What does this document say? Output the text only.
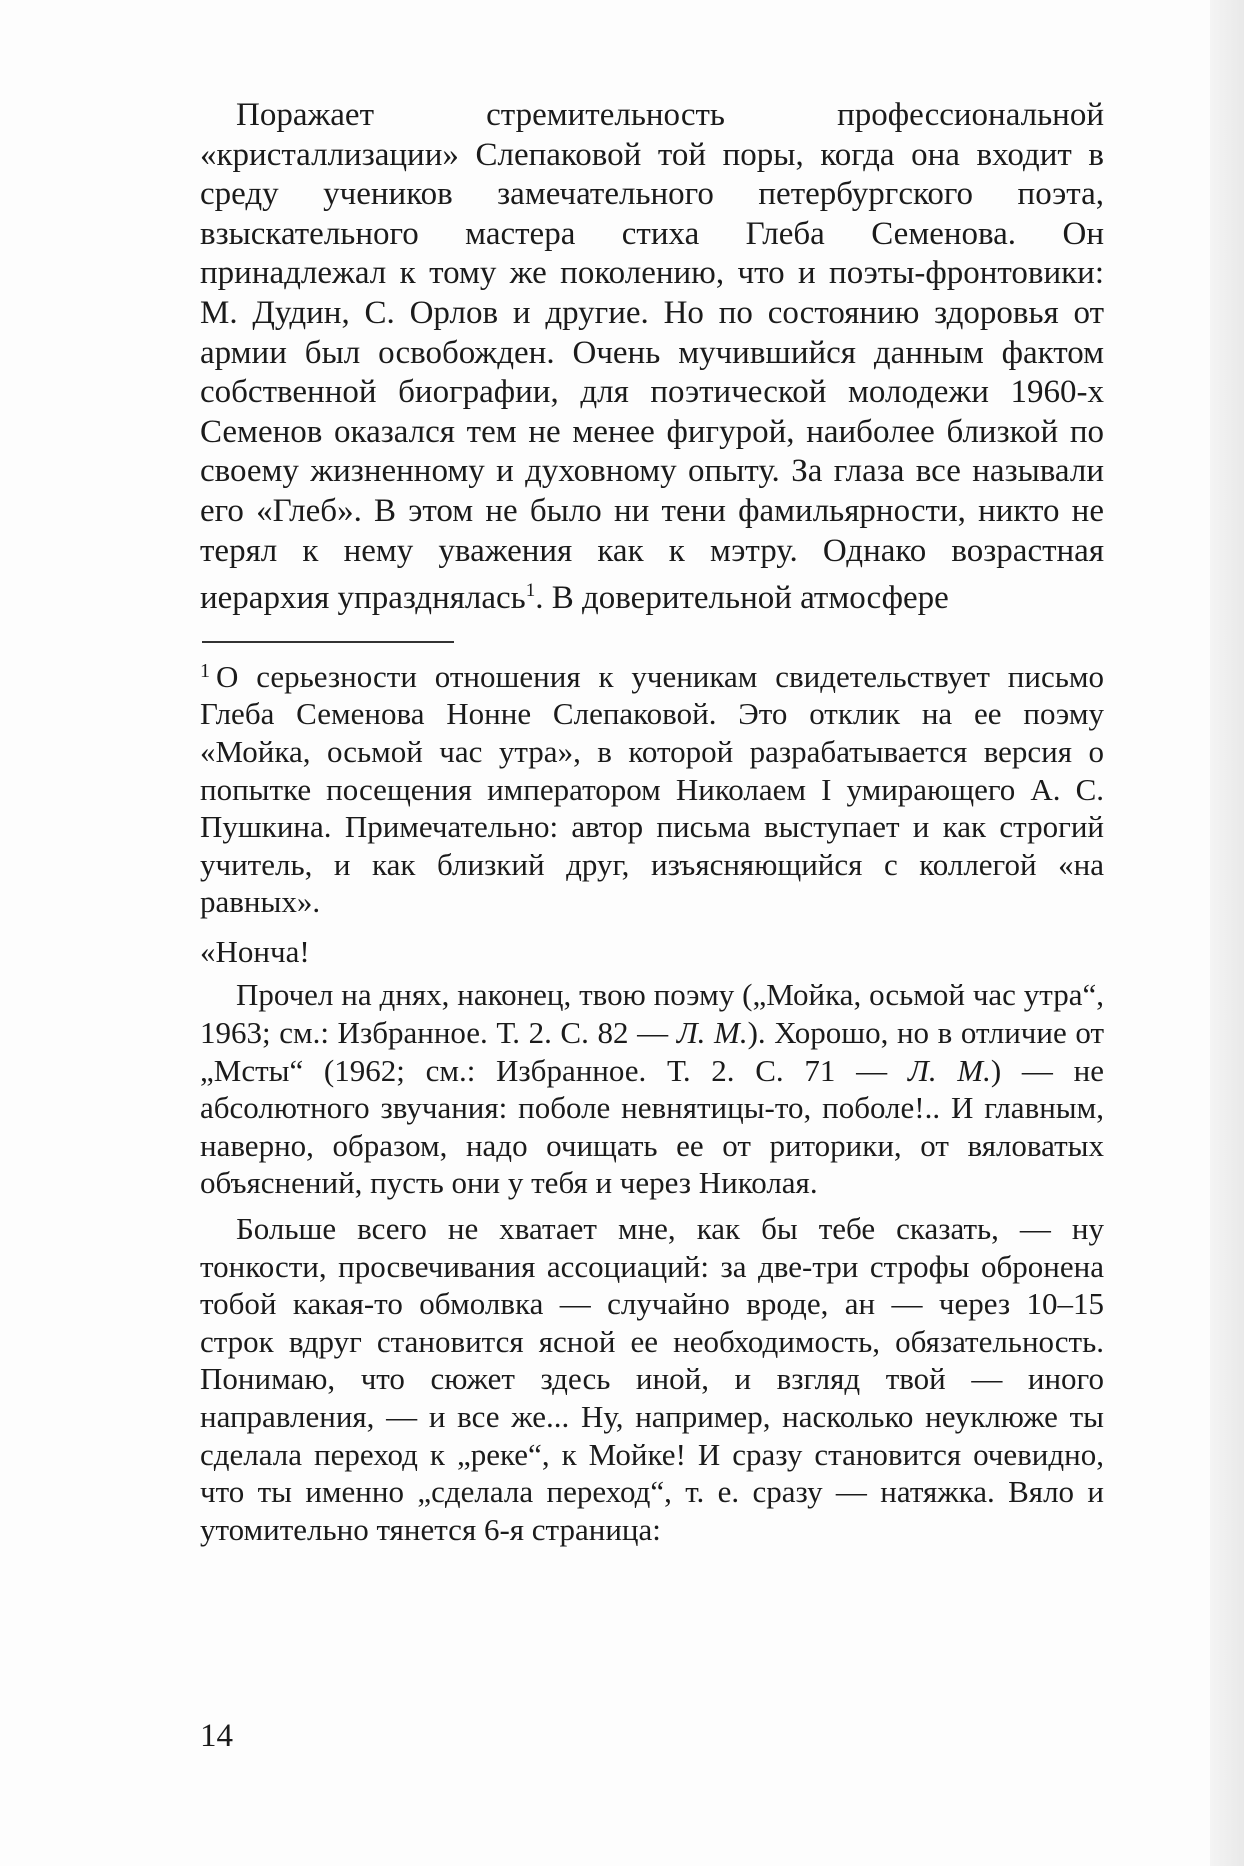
Поражает стремительность профессиональной «кристаллизации» Слепаковой той поры, когда она входит в среду учеников замечательного петербургского поэта, взыскательного мастера стиха Глеба Семенова. Он принадлежал к тому же поколению, что и поэты-фронтовики: М. Дудин, С. Орлов и другие. Но по состоянию здоровья от армии был освобожден. Очень мучившийся данным фактом собственной биографии, для поэтической молодежи 1960-х Семенов оказался тем не менее фигурой, наиболее близкой по своему жизненному и духовному опыту. За глаза все называли его «Глеб». В этом не было ни тени фамильярности, никто не терял к нему уважения как к мэтру. Однако возрастная иерархия упразднялась$^1$. В доверительной атмосфере

$^1$ О серьезности отношения к ученикам свидетельствует письмо Глеба Семенова Нонне Слепаковой. Это отклик на ее поэму «Мойка, осьмой час утра», в которой разрабатывается версия о попытке посещения императором Николаем I умирающего А. С. Пушкина. Примечательно: автор письма выступает и как строгий учитель, и как близкий друг, изъясняющийся с коллегой «на равных».

«Нонча!

Прочел на днях, наконец, твою поэму („Мойка, осьмой час утра“, 1963; см.: Избранное. Т. 2. С. 82 — Л. М.). Хорошо, но в отличие от „Мсты“ (1962; см.: Избранное. Т. 2. С. 71 — Л. М.) — не абсолютного звучания: поболе невнятицы-то, поболе!.. И главным, наверно, образом, надо очищать ее от риторики, от вяловатых объяснений, пусть они у тебя и через Николая.

Больше всего не хватает мне, как бы тебе сказать, — ну тонкости, просвечивания ассоциаций: за две-три строфы обронена тобой какая-то обмолвка — случайно вроде, ан — через 10–15 строк вдруг становится ясной ее необходимость, обязательность. Понимаю, что сюжет здесь иной, и взгляд твой — иного направления, — и все же... Ну, например, насколько неуклюже ты сделала переход к „реке“, к Мойке! И сразу становится очевидно, что ты именно „сделала переход“, т. е. сразу — натяжка. Вяло и утомительно тянется 6-я страница:

14
